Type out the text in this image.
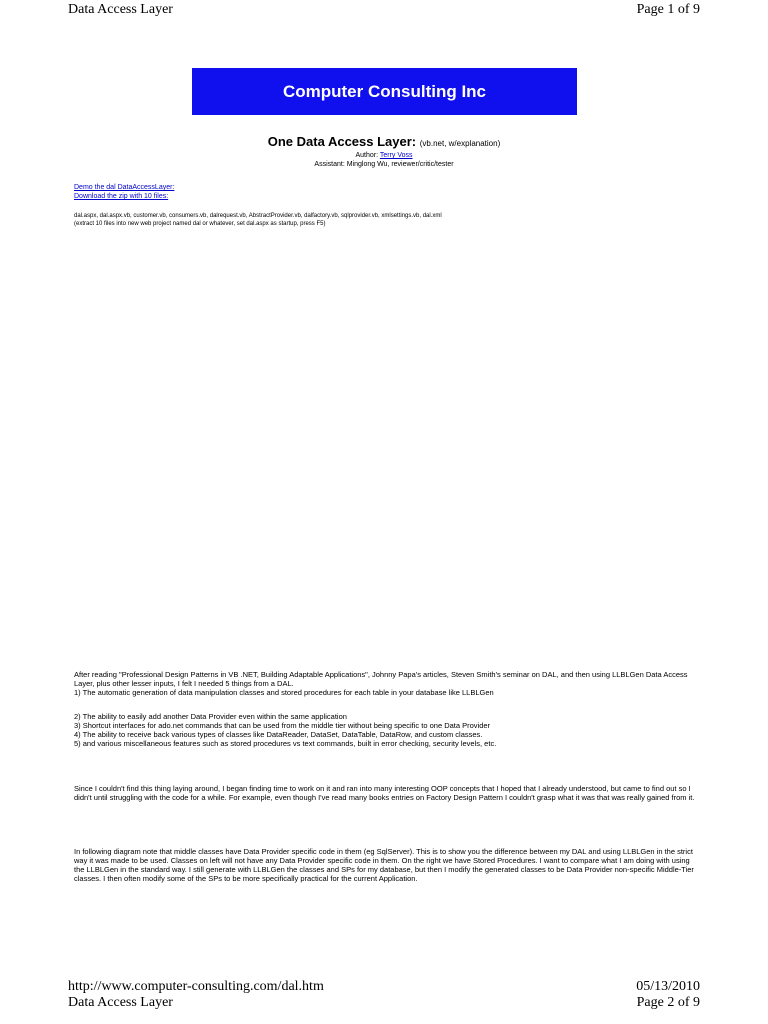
Data Access Layer	Page 1 of 9
Computer Consulting Inc
One Data Access Layer: (vb.net, w/explanation)
Author: Terry Voss
Assistant: Minglong Wu, reviewer/critic/tester
Demo the dal DataAccessLayer:
Download the zip with 10 files:
dal.aspx, dal.aspx.vb, customer.vb, consumers.vb, dalrequest.vb, AbstractProvider.vb, dalfactory.vb, sqlprovider.vb, xmlsettings.vb, dal.xml
(extract 10 files into new web project named dal or whatever, set dal.aspx as startup, press F5)
After reading "Professional Design Patterns in VB .NET, Building Adaptable Applications", Johnny Papa's articles, Steven Smith's seminar on DAL, and then using LLBLGen Data Access Layer, plus other lesser inputs, I felt I needed 5 things from a DAL.
1) The automatic generation of data manipulation classes and stored procedures for each table in your database like LLBLGen
2) The ability to easily add another Data Provider even within the same application
3) Shortcut interfaces for ado.net commands that can be used from the middle tier without being specific to one Data Provider
4) The ability to receive back various types of classes like DataReader, DataSet, DataTable, DataRow, and custom classes.
5) and various miscellaneous features such as stored procedures vs text commands, built in error checking, security levels, etc.
Since I couldn't find this thing laying around, I began finding time to work on it and ran into many interesting OOP concepts that I hoped that I already understood, but came to find out so I didn't until struggling with the code for a while. For example, even though I've read many books entries on Factory Design Pattern I couldn't grasp what it was that was really gained from it.
In following diagram note that middle classes have Data Provider specific code in them (eg SqlServer). This is to show you the difference between my DAL and using LLBLGen in the strict way it was made to be used. Classes on left will not have any Data Provider specific code in them. On the right we have Stored Procedures. I want to compare what I am doing with using the LLBLGen in the standard way. I still generate with LLBLGen the classes and SPs for my database, but then I modify the generated classes to be Data Provider non-specific Middle-Tier classes. I then often modify some of the SPs to be more specifically practical for the current Application.
http://www.computer-consulting.com/dal.htm	05/13/2010
Data Access Layer	Page 2 of 9
